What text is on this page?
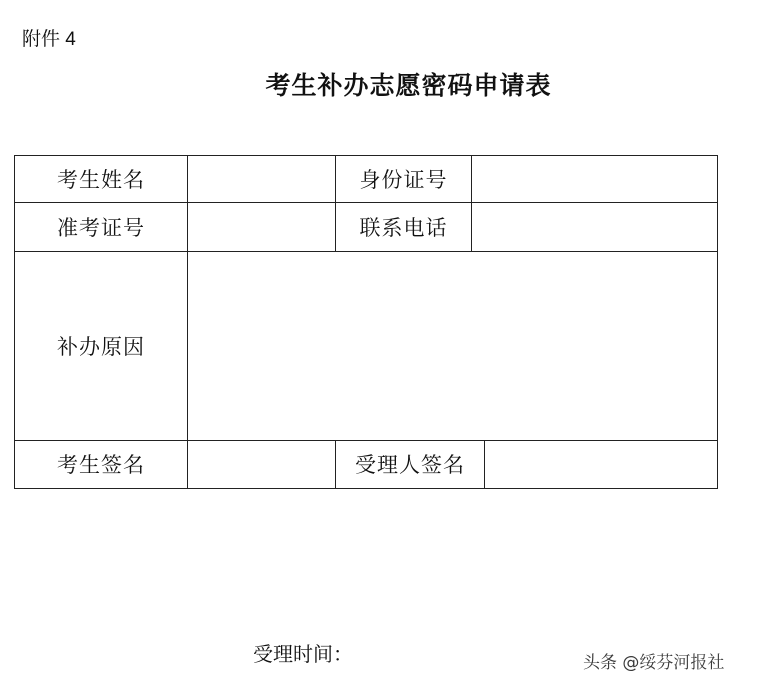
附件 4
考生补办志愿密码申请表
考生姓名		身份证号		
准考证号		联系电话		
补办原因				
考生签名		受理人签名		
受理时间：	头条 @绥芬河报社
